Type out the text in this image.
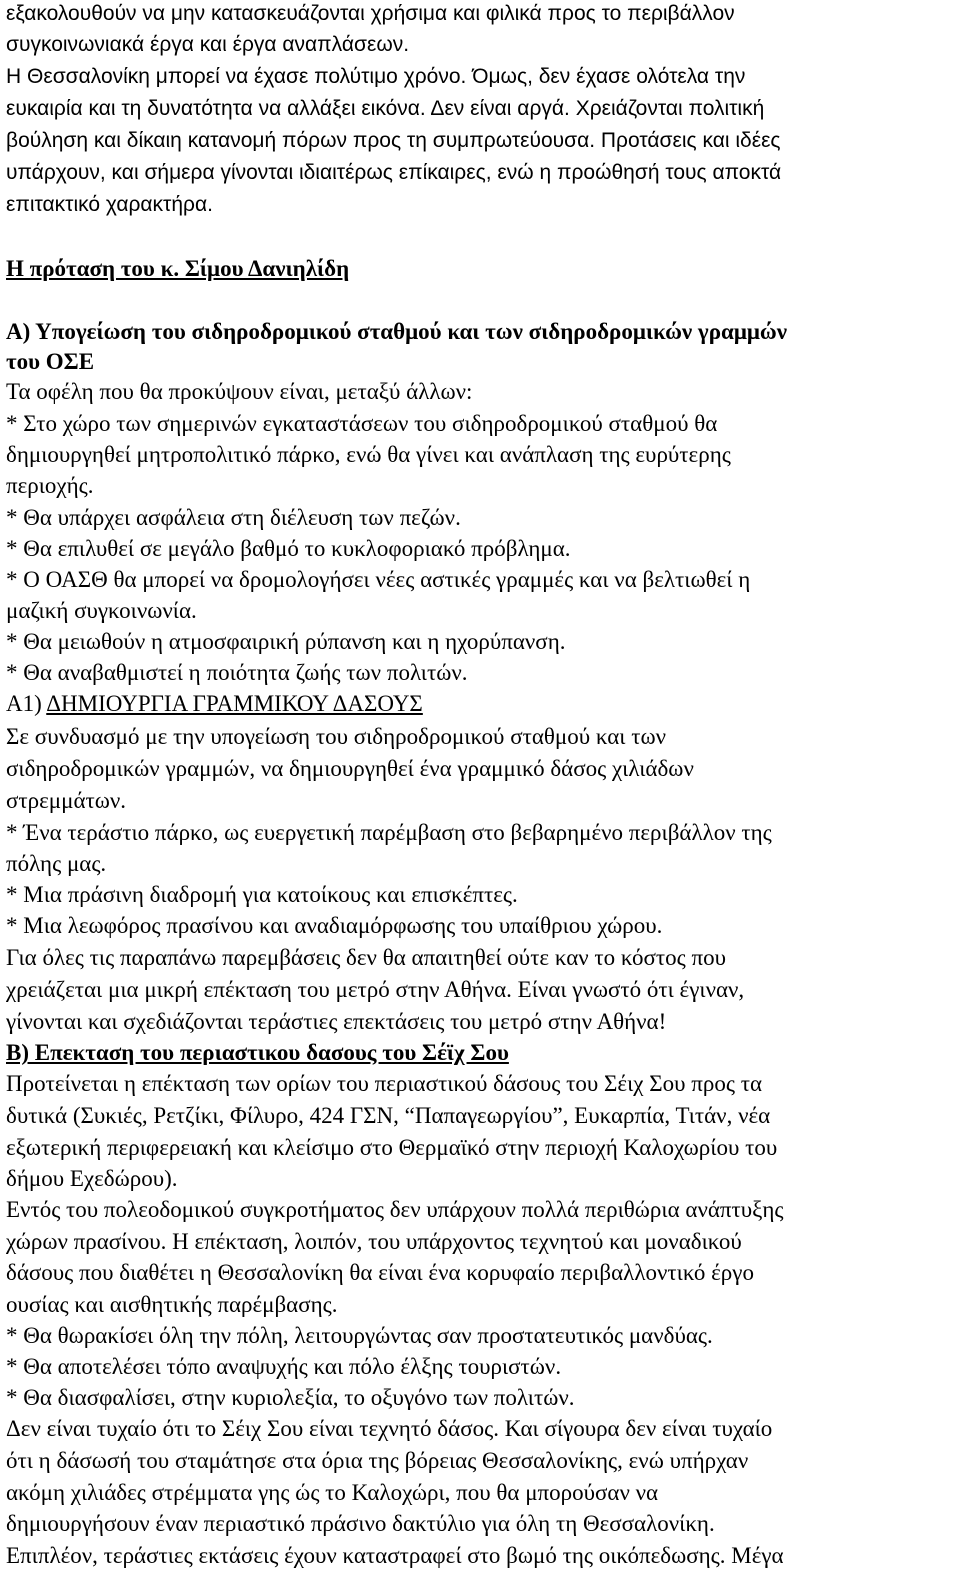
εξακολουθούν να μην κατασκευάζονται χρήσιμα και φιλικά προς το περιβάλλον
συγκοινωνιακά έργα και έργα αναπλάσεων.
Η Θεσσαλονίκη μπορεί να έχασε πολύτιμο χρόνο. Όμως, δεν έχασε ολότελα την
ευκαιρία και τη δυνατότητα να αλλάξει εικόνα. Δεν είναι αργά. Χρειάζονται πολιτική
βούληση και δίκαιη κατανομή πόρων προς τη συμπρωτεύουσα. Προτάσεις και ιδέες
υπάρχουν, και σήμερα γίνονται ιδιαιτέρως επίκαιρες, ενώ η προώθησή τους αποκτά
επιτακτικό χαρακτήρα.
Η πρόταση του κ. Σίμου Δανιηλίδη
Α) Υπογείωση του σιδηροδρομικού σταθμού και των σιδηροδρομικών γραμμών
του ΟΣΕ
Τα οφέλη που θα προκύψουν είναι, μεταξύ άλλων:
* Στο χώρο των σημερινών εγκαταστάσεων του σιδηροδρομικού σταθμού θα
δημιουργηθεί μητροπολιτικό πάρκο, ενώ θα γίνει και ανάπλαση της ευρύτερης
περιοχής.
* Θα υπάρχει ασφάλεια στη διέλευση των πεζών.
* Θα επιλυθεί σε μεγάλο βαθμό το κυκλοφοριακό πρόβλημα.
* Ο ΟΑΣΘ θα μπορεί να δρομολογήσει νέες αστικές γραμμές και να βελτιωθεί η
μαζική συγκοινωνία.
* Θα μειωθούν η ατμοσφαιρική ρύπανση και η ηχορύπανση.
* Θα αναβαθμιστεί η ποιότητα ζωής των πολιτών.
Α1) ΔΗΜΙΟΥΡΓΙΑ ΓΡΑΜΜΙΚΟΥ ΔΑΣΟΥΣ
Σε συνδυασμό με την υπογείωση του σιδηροδρομικού σταθμού και των
σιδηροδρομικών γραμμών, να δημιουργηθεί ένα γραμμικό δάσος χιλιάδων
στρεμμάτων.
* Ένα τεράστιο πάρκο, ως ευεργετική παρέμβαση στο βεβαρημένο περιβάλλον της
πόλης μας.
* Μια πράσινη διαδρομή για κατοίκους και επισκέπτες.
* Μια λεωφόρος πρασίνου και αναδιαμόρφωσης του υπαίθριου χώρου.
Για όλες τις παραπάνω παρεμβάσεις δεν θα απαιτηθεί ούτε καν το κόστος που
χρειάζεται μια μικρή επέκταση του μετρό στην Αθήνα. Είναι γνωστό ότι έγιναν,
γίνονται και σχεδιάζονται τεράστιες επεκτάσεις του μετρό στην Αθήνα!
Β) Επεκταση του περιαστικου δασους του Σέϊχ Σου
Προτείνεται η επέκταση των ορίων του περιαστικού δάσους του Σέιχ Σου προς τα
δυτικά (Συκιές, Ρετζίκι, Φίλυρο, 424 ΓΣΝ, “Παπαγεωργίου”, Ευκαρπία, Τιτάν, νέα
εξωτερική περιφερειακή και κλείσιμο στο Θερμαϊκό στην περιοχή Καλοχωρίου του
δήμου Εχεδώρου).
Εντός του πολεοδομικού συγκροτήματος δεν υπάρχουν πολλά περιθώρια ανάπτυξης
χώρων πρασίνου. Η επέκταση, λοιπόν, του υπάρχοντος τεχνητού και μοναδικού
δάσους που διαθέτει η Θεσσαλονίκη θα είναι ένα κορυφαίο περιβαλλοντικό έργο
ουσίας και αισθητικής παρέμβασης.
* Θα θωρακίσει όλη την πόλη, λειτουργώντας σαν προστατευτικός μανδύας.
* Θα αποτελέσει τόπο αναψυχής και πόλο έλξης τουριστών.
* Θα διασφαλίσει, στην κυριολεξία, το οξυγόνο των πολιτών.
Δεν είναι τυχαίο ότι το Σέιχ Σου είναι τεχνητό δάσος. Και σίγουρα δεν είναι τυχαίο
ότι η δάσωσή του σταμάτησε στα όρια της βόρειας Θεσσαλονίκης, ενώ υπήρχαν
ακόμη χιλιάδες στρέμματα γης ώς το Καλοχώρι, που θα μπορούσαν να
δημιουργήσουν έναν περιαστικό πράσινο δακτύλιο για όλη τη Θεσσαλονίκη.
Επιπλέον, τεράστιες εκτάσεις έχουν καταστραφεί στο βωμό της οικόπεδωσης. Μέγα
